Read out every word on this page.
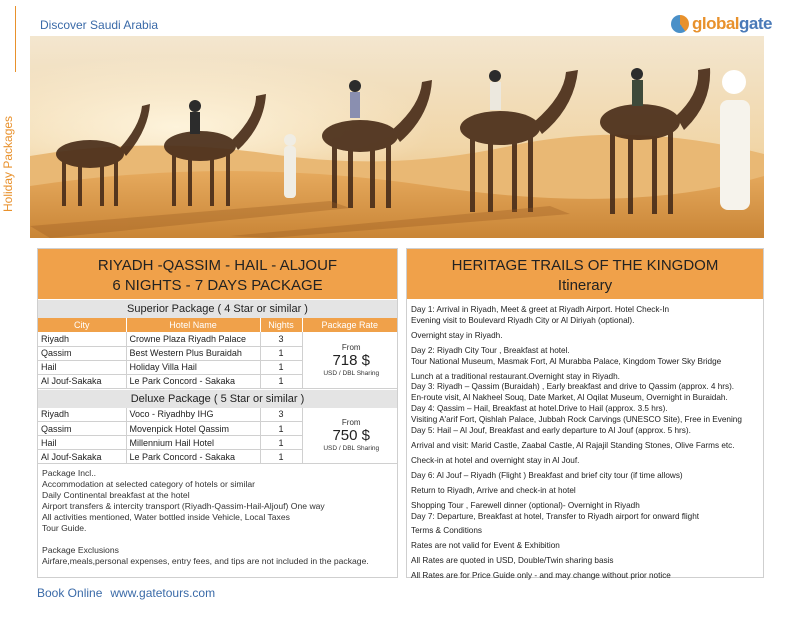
Holiday Packages
Discover Saudi Arabia	globalgate
RIYADH -QASSIM - HAIL - ALJOUF
6 NIGHTS - 7 DAYS PACKAGE
Superior Package ( 4 Star or similar )
City	Hotel Name	Nights	Package Rate
Riyadh	Crowne Plaza Riyadh Palace	3	From
718 $
USD / DBL Sharing

Qassim	Best Western Plus Buraidah	1	
Hail	Holiday Villa Hail	1	
Al Jouf-Sakaka	Le Park Concord - Sakaka	1	
Deluxe Package ( 5 Star or similar )
Riyadh	Voco - Riyadhby IHG	3	From
750 $
USD / DBL Sharing

Qassim	Movenpick Hotel Qassim	1	
Hail	Millennium Hail Hotel	1	
Al Jouf-Sakaka	Le Park Concord - Sakaka	1	
Package Incl..
Accommodation at selected category of hotels or similar
Daily Continental breakfast at the hotel
Airport transfers & intercity transport (Riyadh-Qassim-Hail-Aljouf) One way
All activities mentioned, Water bottled inside Vehicle, Local Taxes
Tour Guide.
Package Exclusions
Airfare,meals,personal expenses, entry fees, and tips are not included in the package.
HERITAGE TRAILS OF THE KINGDOM
Itinerary
Day 1: Arrival in Riyadh, Meet & greet at Riyadh Airport. Hotel Check-In
Evening visit to Boulevard Riyadh City or Al Diriyah (optional).
Overnight stay in Riyadh.
Day 2: Riyadh City Tour , Breakfast at hotel.
Tour National Museum, Masmak Fort, Al Murabba Palace, Kingdom Tower Sky Bridge
Lunch at a traditional restaurant.Overnight stay in Riyadh.
Day 3: Riyadh – Qassim (Buraidah) , Early breakfast and drive to Qassim (approx. 4 hrs).
En-route visit, Al Nakheel Souq, Date Market, Al Oqilat Museum, Overnight in Buraidah.
Day 4: Qassim – Hail, Breakfast at hotel.Drive to Hail (approx. 3.5 hrs).
Visiting A'arif Fort, Qishlah Palace, Jubbah Rock Carvings (UNESCO Site), Free in Evening
Day 5: Hail – Al Jouf, Breakfast and early departure to Al Jouf (approx. 5 hrs).
Arrival and visit: Marid Castle, Zaabal Castle, Al Rajajil Standing Stones, Olive Farms etc.
Check-in at hotel and overnight stay in Al Jouf.
Day 6: Al Jouf – Riyadh (Flight ) Breakfast and brief city tour (if time allows)
Return to Riyadh, Arrive and check-in at hotel
Shopping Tour , Farewell dinner (optional)- Overnight in Riyadh
Day 7: Departure, Breakfast at hotel, Transfer to Riyadh airport for onward flight
Terms & Conditions
Rates are not valid for Event & Exhibition
All Rates are quoted in USD, Double/Twin sharing basis
All Rates are for Price Guide only - and may change without prior notice
Book Online www.gatetours.com
